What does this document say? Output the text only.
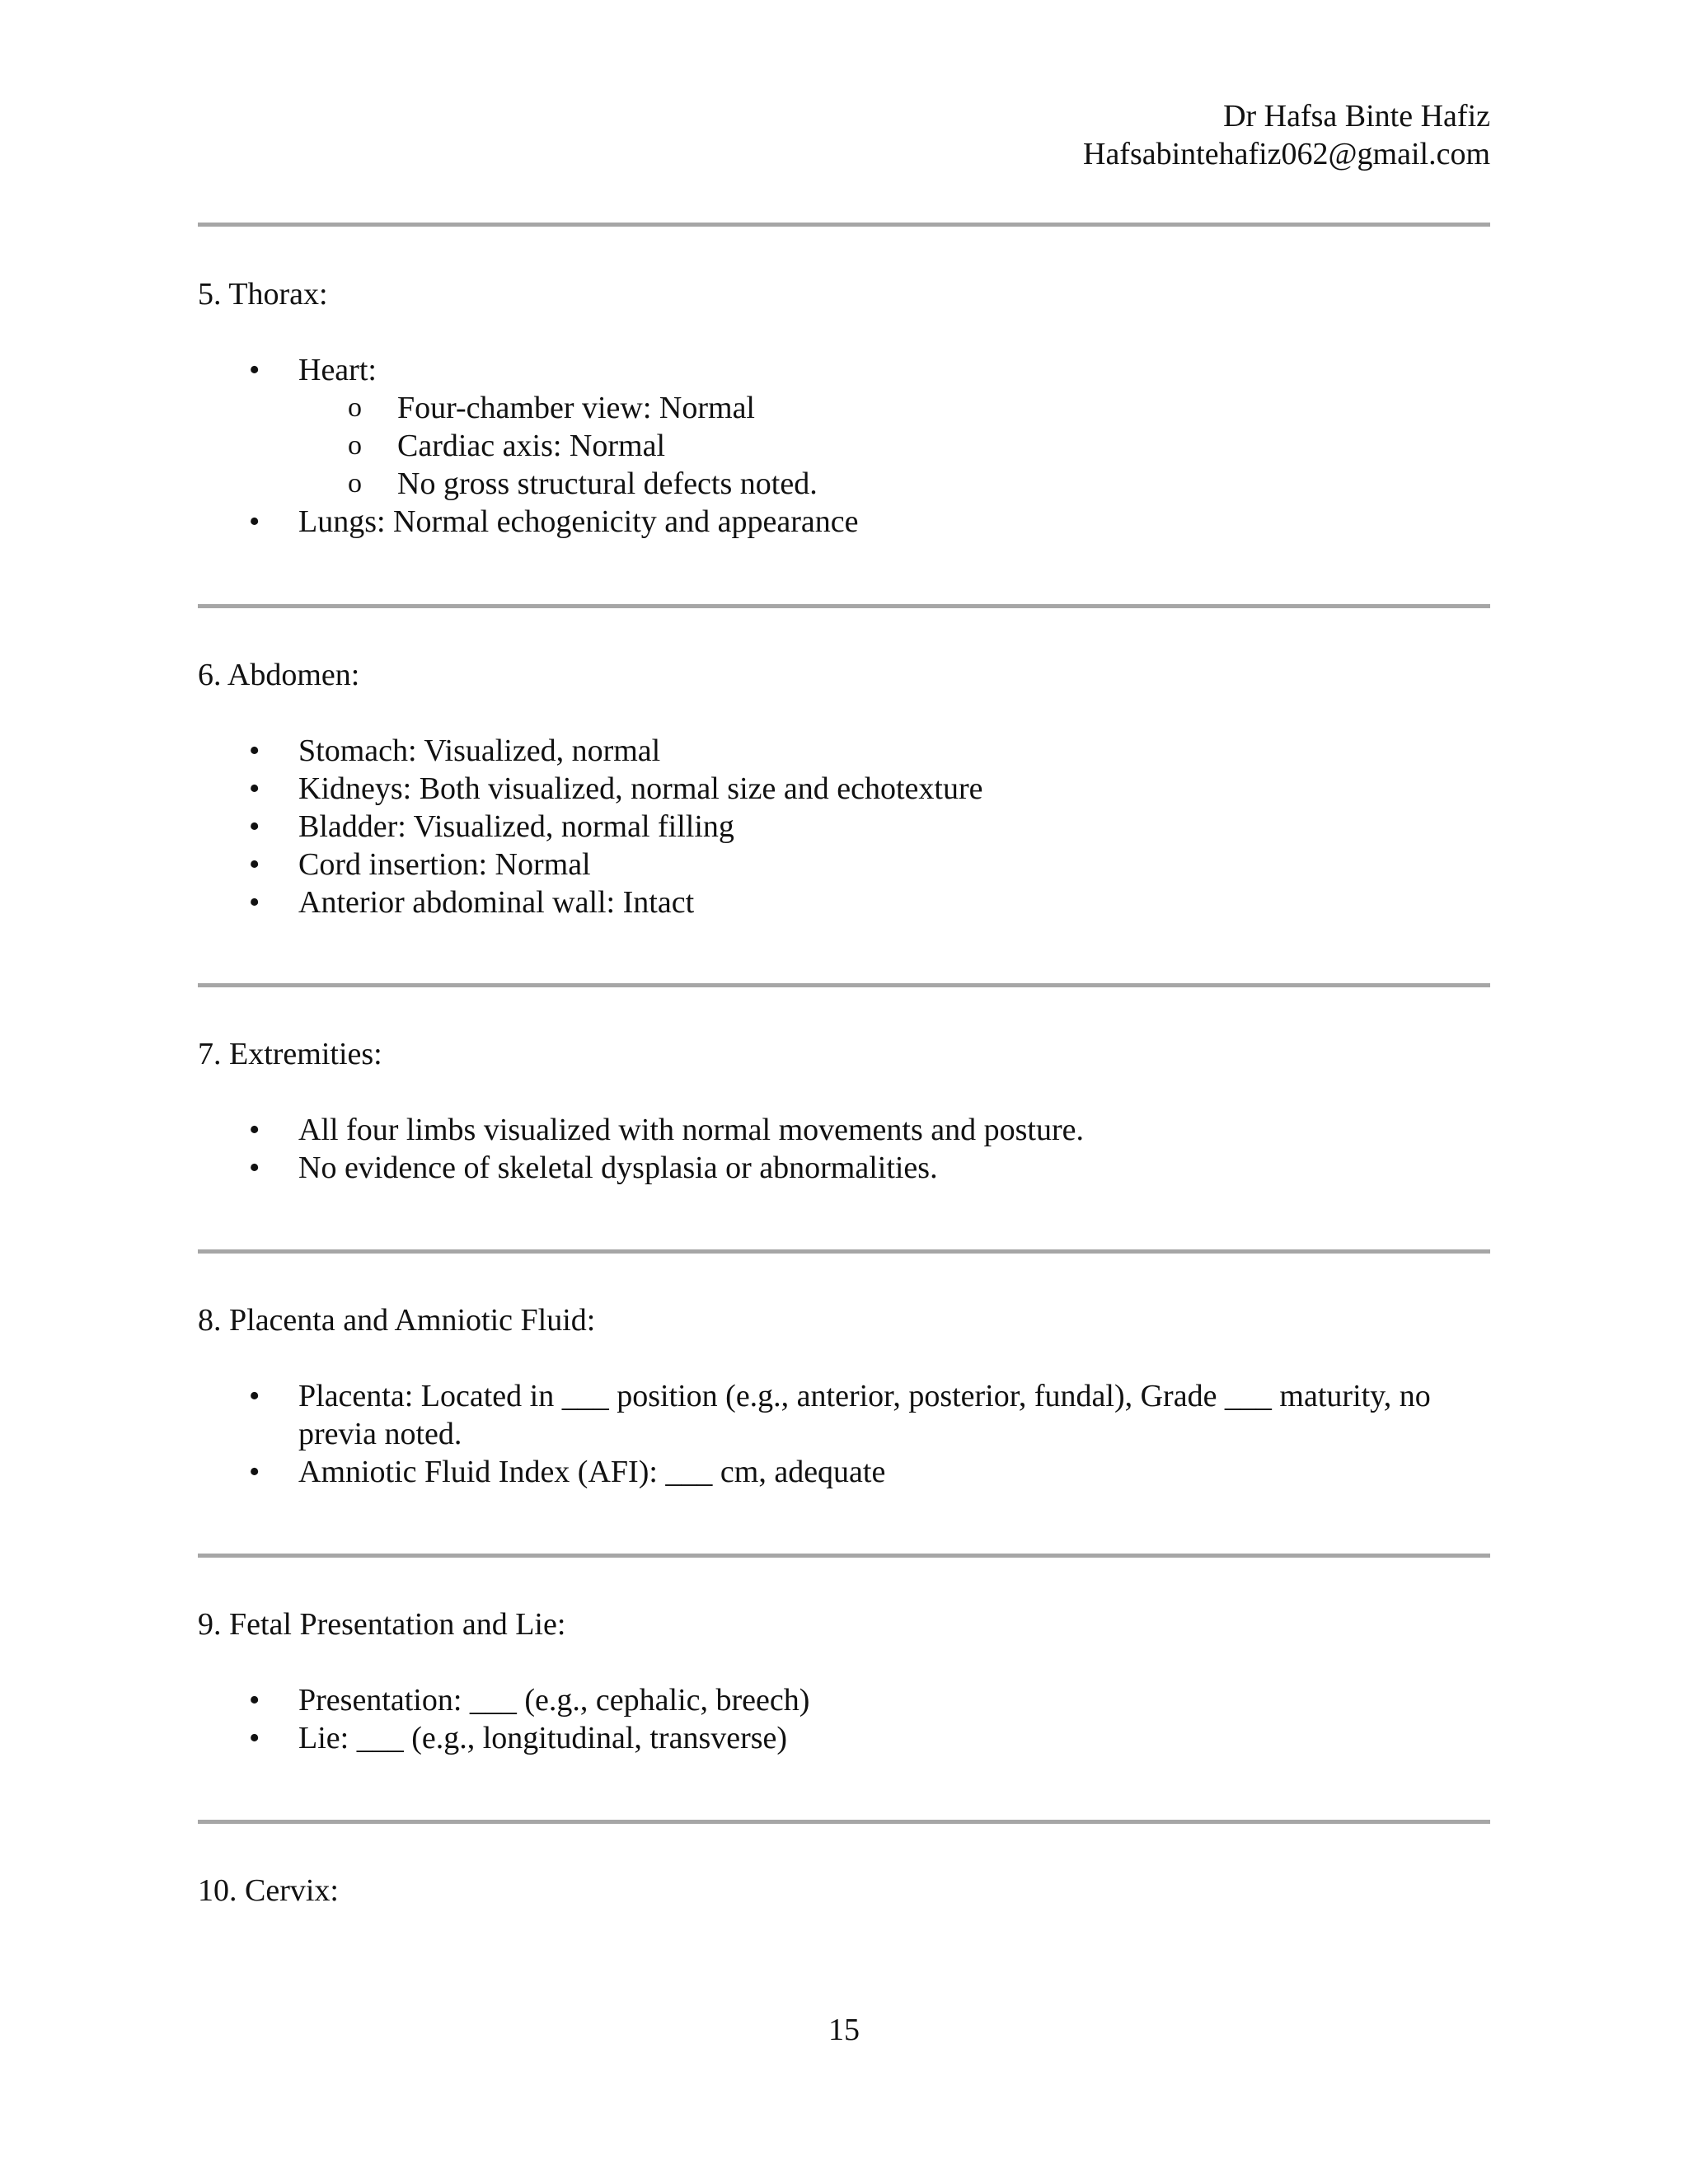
Dr Hafsa Binte Hafiz
Hafsabintehafiz062@gmail.com
5. Thorax:
• Heart:
o Four-chamber view: Normal
o Cardiac axis: Normal
o No gross structural defects noted.
• Lungs: Normal echogenicity and appearance
6. Abdomen:
• Stomach: Visualized, normal
• Kidneys: Both visualized, normal size and echotexture
• Bladder: Visualized, normal filling
• Cord insertion: Normal
• Anterior abdominal wall: Intact
7. Extremities:
• All four limbs visualized with normal movements and posture.
• No evidence of skeletal dysplasia or abnormalities.
8. Placenta and Amniotic Fluid:
• Placenta: Located in ___ position (e.g., anterior, posterior, fundal), Grade ___ maturity, no previa noted.
• Amniotic Fluid Index (AFI): ___ cm, adequate
9. Fetal Presentation and Lie:
• Presentation: ___ (e.g., cephalic, breech)
• Lie: ___ (e.g., longitudinal, transverse)
10. Cervix:
15
